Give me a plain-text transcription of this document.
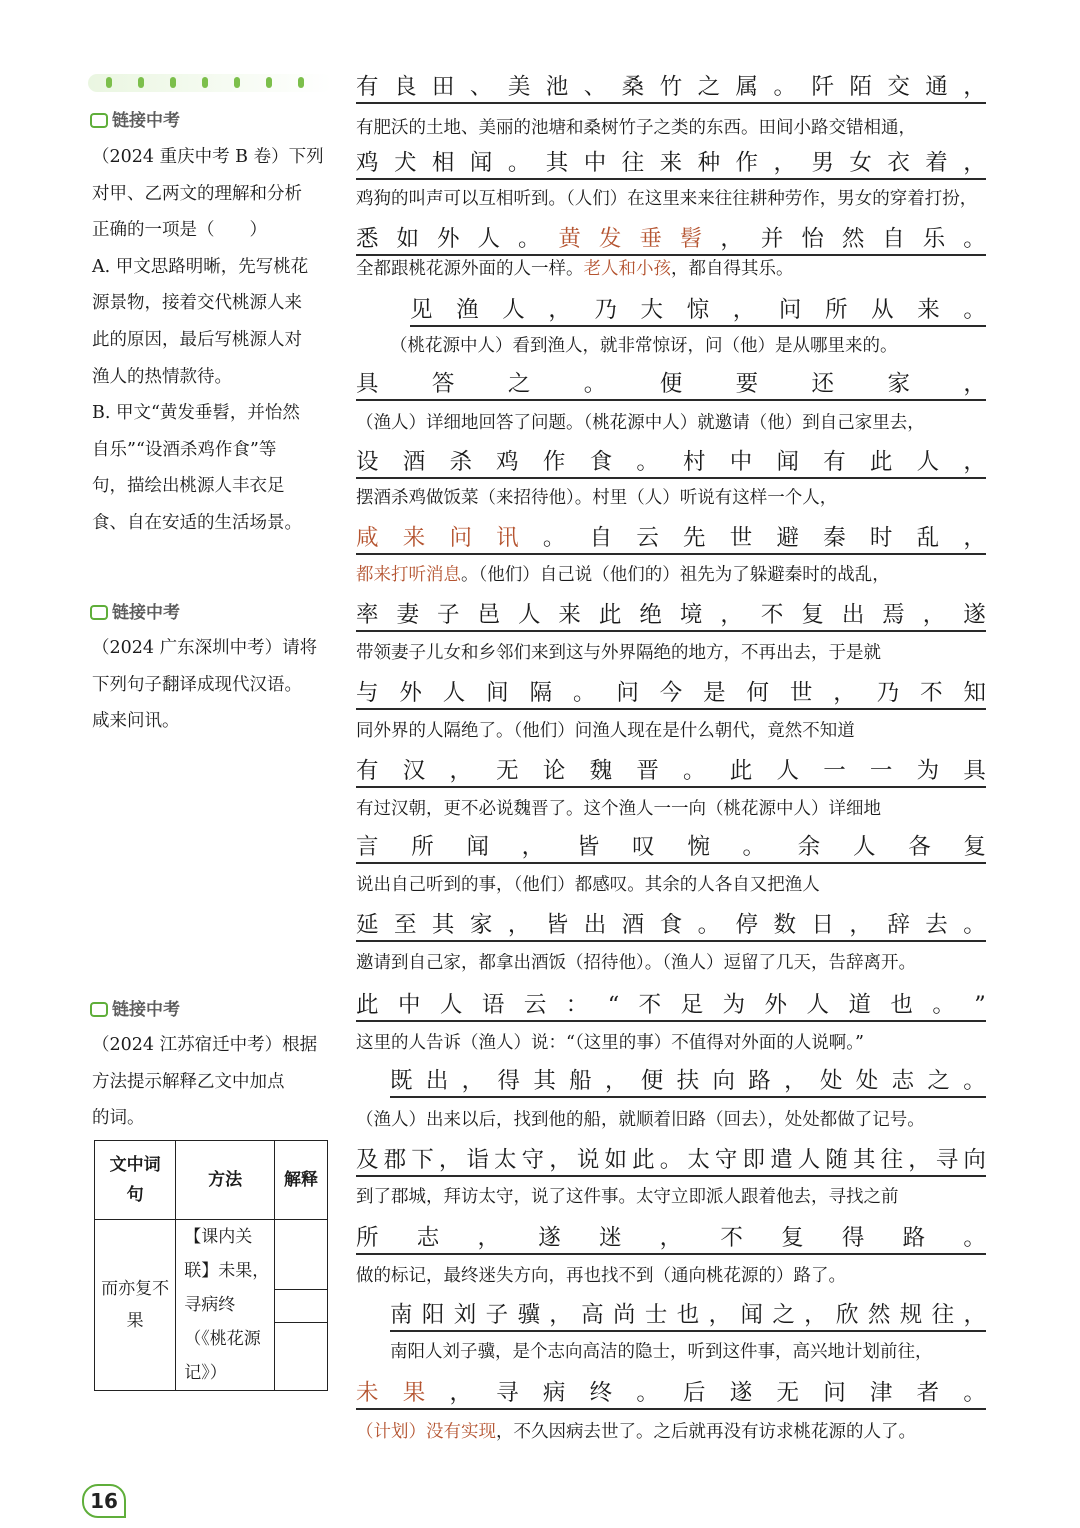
链接中考

（2024 重庆中考 B 卷）下列

对甲、乙两文的理解和分析

正确的一项是（　　）

A. 甲文思路明晰，先写桃花

源景物，接着交代桃源人来

此的原因，最后写桃源人对

渔人的热情款待。

B. 甲文“黄发垂髫，并怡然

自乐”“设酒杀鸡作食”等

句，描绘出桃源人丰衣足

食、自在安适的生活场景。

链接中考

（2024 广东深圳中考）请将

下列句子翻译成现代汉语。

咸来问讯。

链接中考

（2024 江苏宿迁中考）根据

方法提示解释乙文中加点

的词。

文中词句	方法	解释
而亦复不果	【课内关联】未果，寻病终（《桃花源记》）	
16
有 良 田 、 美 池 、 桑 竹 之 属 。 阡 陌 交 通 ，
有肥沃的土地、美丽的池塘和桑树竹子之类的东西。田间小路交错相通，
鸡 犬 相 闻 。 其 中 往 来 种 作 ， 男 女 衣 着 ，
鸡狗的叫声可以互相听到。（人们）在这里来来往往耕种劳作，男女的穿着打扮，
悉 如 外 人 。 黄 发 垂 髫 ， 并 怡 然 自 乐 。
全都跟桃花源外面的人一样。老人和小孩，都自得其乐。
见 渔 人 ， 乃 大 惊 ， 问 所 从 来 。
（桃花源中人）看到渔人，就非常惊讶，问（他）是从哪里来的。
具 答 之 。 便 要 还 家 ，
（渔人）详细地回答了问题。（桃花源中人）就邀请（他）到自己家里去，
设 酒 杀 鸡 作 食 。 村 中 闻 有 此 人 ，
摆酒杀鸡做饭菜（来招待他）。村里（人）听说有这样一个人，
咸 来 问 讯 。 自 云 先 世 避 秦 时 乱 ，
都来打听消息。（他们）自己说（他们的）祖先为了躲避秦时的战乱，
率 妻 子 邑 人 来 此 绝 境 ， 不 复 出 焉 ， 遂
带领妻子儿女和乡邻们来到这与外界隔绝的地方，不再出去，于是就
与 外 人 间 隔 。 问 今 是 何 世 ， 乃 不 知
同外界的人隔绝了。（他们）问渔人现在是什么朝代，竟然不知道
有 汉 ， 无 论 魏 晋 。 此 人 一 一 为 具
有过汉朝，更不必说魏晋了。这个渔人一一向（桃花源中人）详细地
言 所 闻 ， 皆 叹 惋 。 余 人 各 复
说出自己听到的事，（他们）都感叹。其余的人各自又把渔人
延 至 其 家 ， 皆 出 酒 食 。 停 数 日 ， 辞 去 。
邀请到自己家，都拿出酒饭（招待他）。（渔人）逗留了几天，告辞离开。
此 中 人 语 云 ： “ 不 足 为 外 人 道 也 。 ”
这里的人告诉（渔人）说：“（这里的事）不值得对外面的人说啊。”
既 出 ， 得 其 船 ， 便 扶 向 路 ， 处 处 志 之 。
（渔人）出来以后，找到他的船，就顺着旧路（回去），处处都做了记号。
及 郡 下 ， 诣 太 守 ， 说 如 此 。 太 守 即 遣 人 随 其 往 ， 寻 向
到了郡城，拜访太守，说了这件事。太守立即派人跟着他去，寻找之前
所 志 ， 遂 迷 ， 不 复 得 路 。
做的标记，最终迷失方向，再也找不到（通向桃花源的）路了。
南 阳 刘 子 骥 ， 高 尚 士 也 ， 闻 之 ， 欣 然 规 往 ，
南阳人刘子骥，是个志向高洁的隐士，听到这件事，高兴地计划前往，
未 果 ， 寻 病 终 。 后 遂 无 问 津 者 。
（计划）没有实现，不久因病去世了。之后就再没有访求桃花源的人了。
